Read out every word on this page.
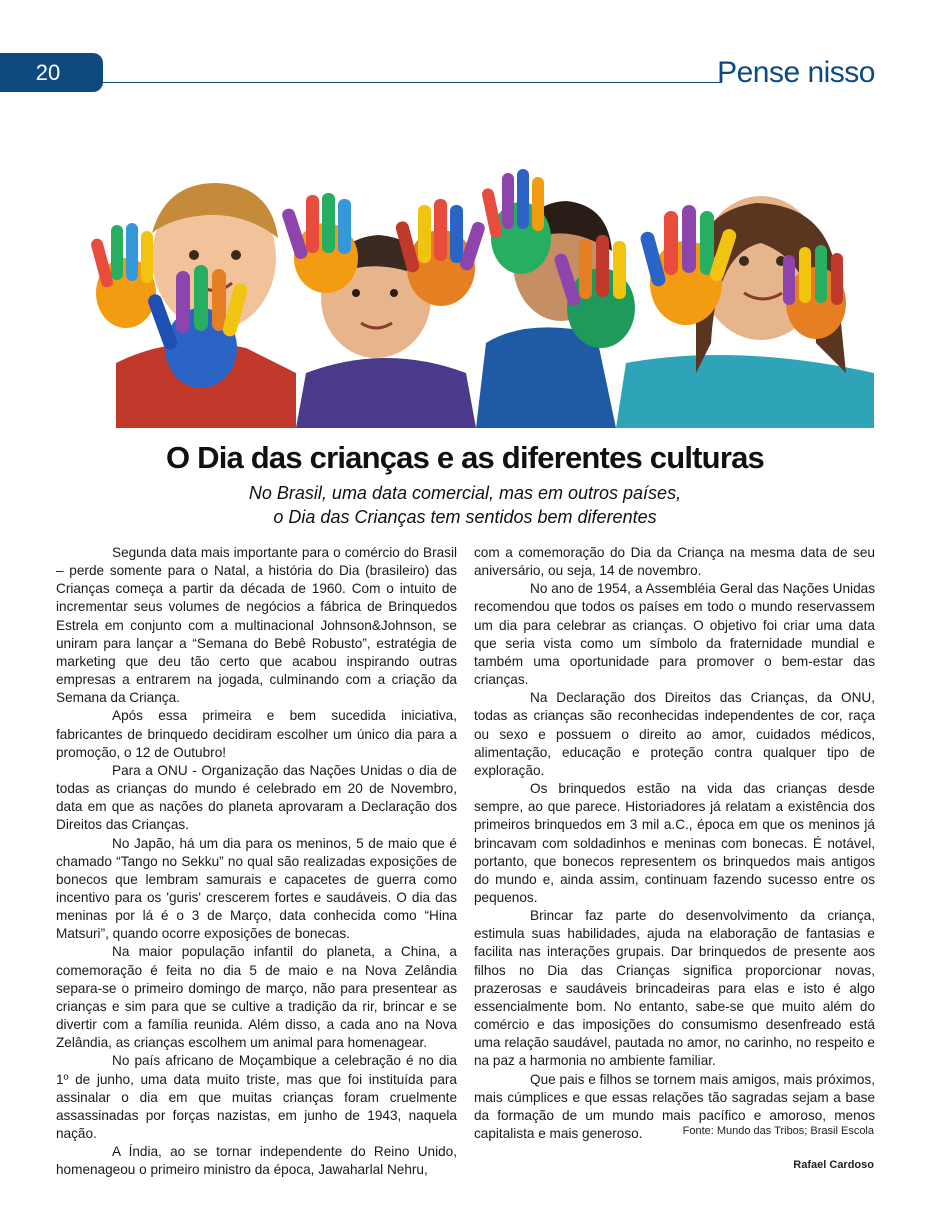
20	Pense nisso
O Dia das crianças e as diferentes culturas
No Brasil, uma data comercial, mas em outros países,
o Dia das Crianças tem sentidos bem diferentes

Segunda data mais importante para o comércio do Brasil – perde somente para o Natal, a história do Dia (brasileiro) das Crianças começa a partir da década de 1960. Com o intuito de incrementar seus volumes de negócios a fábrica de Brinquedos Estrela em conjunto com a multinacional Johnson&Johnson, se uniram para lançar a “Semana do Bebê Robusto”, estratégia de marketing que deu tão certo que acabou inspirando outras empresas a entrarem na jogada, culminando com a criação da Semana da Criança.

Após essa primeira e bem sucedida iniciativa, fabricantes de brinquedo decidiram escolher um único dia para a promoção, o 12 de Outubro!

Para a ONU - Organização das Nações Unidas o dia de todas as crianças do mundo é celebrado em 20 de Novembro, data em que as nações do planeta aprovaram a Declaração dos Direitos das Crianças.

No Japão, há um dia para os meninos, 5 de maio que é chamado “Tango no Sekku” no qual são realizadas exposições de bonecos que lembram samurais e capacetes de guerra como incentivo para os 'guris' crescerem fortes e saudáveis. O dia das meninas por lá é o 3 de Março, data conhecida como “Hina Matsuri”, quando ocorre exposições de bonecas.

Na maior população infantil do planeta, a China, a comemoração é feita no dia 5 de maio e na Nova Zelândia separa-se o primeiro domingo de março, não para presentear as crianças e sim para que se cultive a tradição da rir, brincar e se divertir com a família reunida. Além disso, a cada ano na Nova Zelândia, as crianças escolhem um animal para homenagear.

No país africano de Moçambique a celebração é no dia 1º de junho, uma data muito triste, mas que foi instituída para assinalar o dia em que muitas crianças foram cruelmente assassinadas por forças nazistas, em junho de 1943, naquela nação.

A Índia, ao se tornar independente do Reino Unido, homenageou o primeiro ministro da época, Jawaharlal Nehru,

com a comemoração do Dia da Criança na mesma data de seu aniversário, ou seja, 14 de novembro.

No ano de 1954, a Assembléia Geral das Nações Unidas recomendou que todos os países em todo o mundo reservassem um dia para celebrar as crianças. O objetivo foi criar uma data que seria vista como um símbolo da fraternidade mundial e também uma oportunidade para promover o bem-estar das crianças.

Na Declaração dos Direitos das Crianças, da ONU, todas as crianças são reconhecidas independentes de cor, raça ou sexo e possuem o direito ao amor, cuidados médicos, alimentação, educação e proteção contra qualquer tipo de exploração.

Os brinquedos estão na vida das crianças desde sempre, ao que parece. Historiadores já relatam a existência dos primeiros brinquedos em 3 mil a.C., época em que os meninos já brincavam com soldadinhos e meninas com bonecas. É notável, portanto, que bonecos representem os brinquedos mais antigos do mundo e, ainda assim, continuam fazendo sucesso entre os pequenos.

Brincar faz parte do desenvolvimento da criança, estimula suas habilidades, ajuda na elaboração de fantasias e facilita nas interações grupais. Dar brinquedos de presente aos filhos no Dia das Crianças significa proporcionar novas, prazerosas e saudáveis brincadeiras para elas e isto é algo essencialmente bom. No entanto, sabe-se que muito além do comércio e das imposições do consumismo desenfreado está uma relação saudável, pautada no amor, no carinho, no respeito e na paz a harmonia no ambiente familiar.

Que pais e filhos se tornem mais amigos, mais próximos, mais cúmplices e que essas relações tão sagradas sejam a base da formação de um mundo mais pacífico e amoroso, menos capitalista e mais generoso.	Fonte: Mundo das Tribos; Brasil Escola
Rafael Cardoso
